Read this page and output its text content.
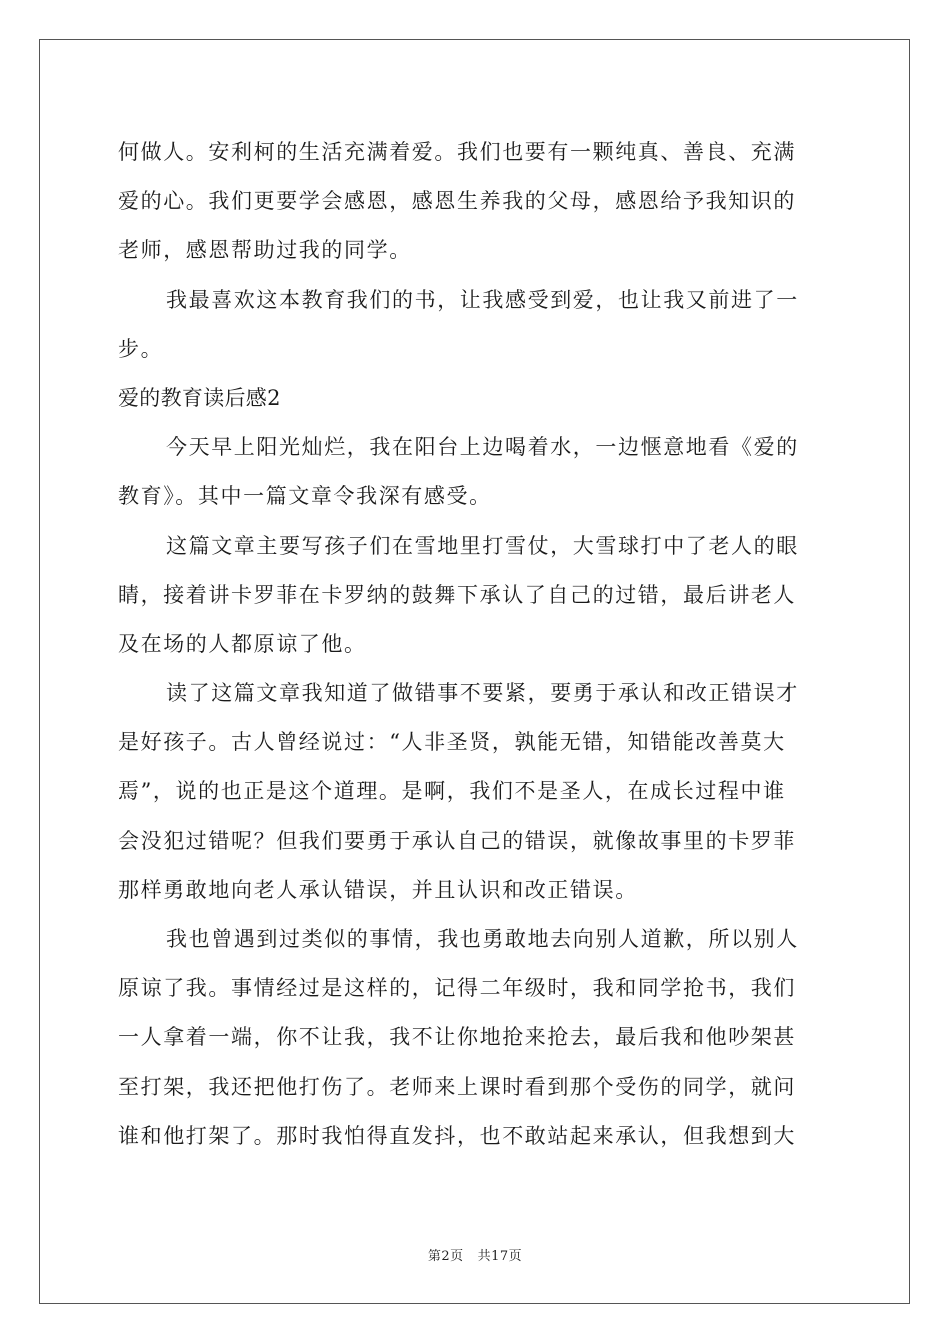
何做人。安利柯的生活充满着爱。我们也要有一颗纯真、善良、充满
爱的心。我们更要学会感恩，感恩生养我的父母，感恩给予我知识的
老师，感恩帮助过我的同学。
我最喜欢这本教育我们的书，让我感受到爱，也让我又前进了一
步。
爱的教育读后感2
今天早上阳光灿烂，我在阳台上边喝着水，一边惬意地看《爱的
教育》。其中一篇文章令我深有感受。
这篇文章主要写孩子们在雪地里打雪仗，大雪球打中了老人的眼
睛，接着讲卡罗菲在卡罗纳的鼓舞下承认了自己的过错，最后讲老人
及在场的人都原谅了他。
读了这篇文章我知道了做错事不要紧，要勇于承认和改正错误才
是好孩子。古人曾经说过：“人非圣贤，孰能无错，知错能改善莫大
焉”，说的也正是这个道理。是啊，我们不是圣人，在成长过程中谁
会没犯过错呢？但我们要勇于承认自己的错误，就像故事里的卡罗菲
那样勇敢地向老人承认错误，并且认识和改正错误。
我也曾遇到过类似的事情，我也勇敢地去向别人道歉，所以别人
原谅了我。事情经过是这样的，记得二年级时，我和同学抢书，我们
一人拿着一端，你不让我，我不让你地抢来抢去，最后我和他吵架甚
至打架，我还把他打伤了。老师来上课时看到那个受伤的同学，就问
谁和他打架了。那时我怕得直发抖，也不敢站起来承认，但我想到大
第2页 共17页
